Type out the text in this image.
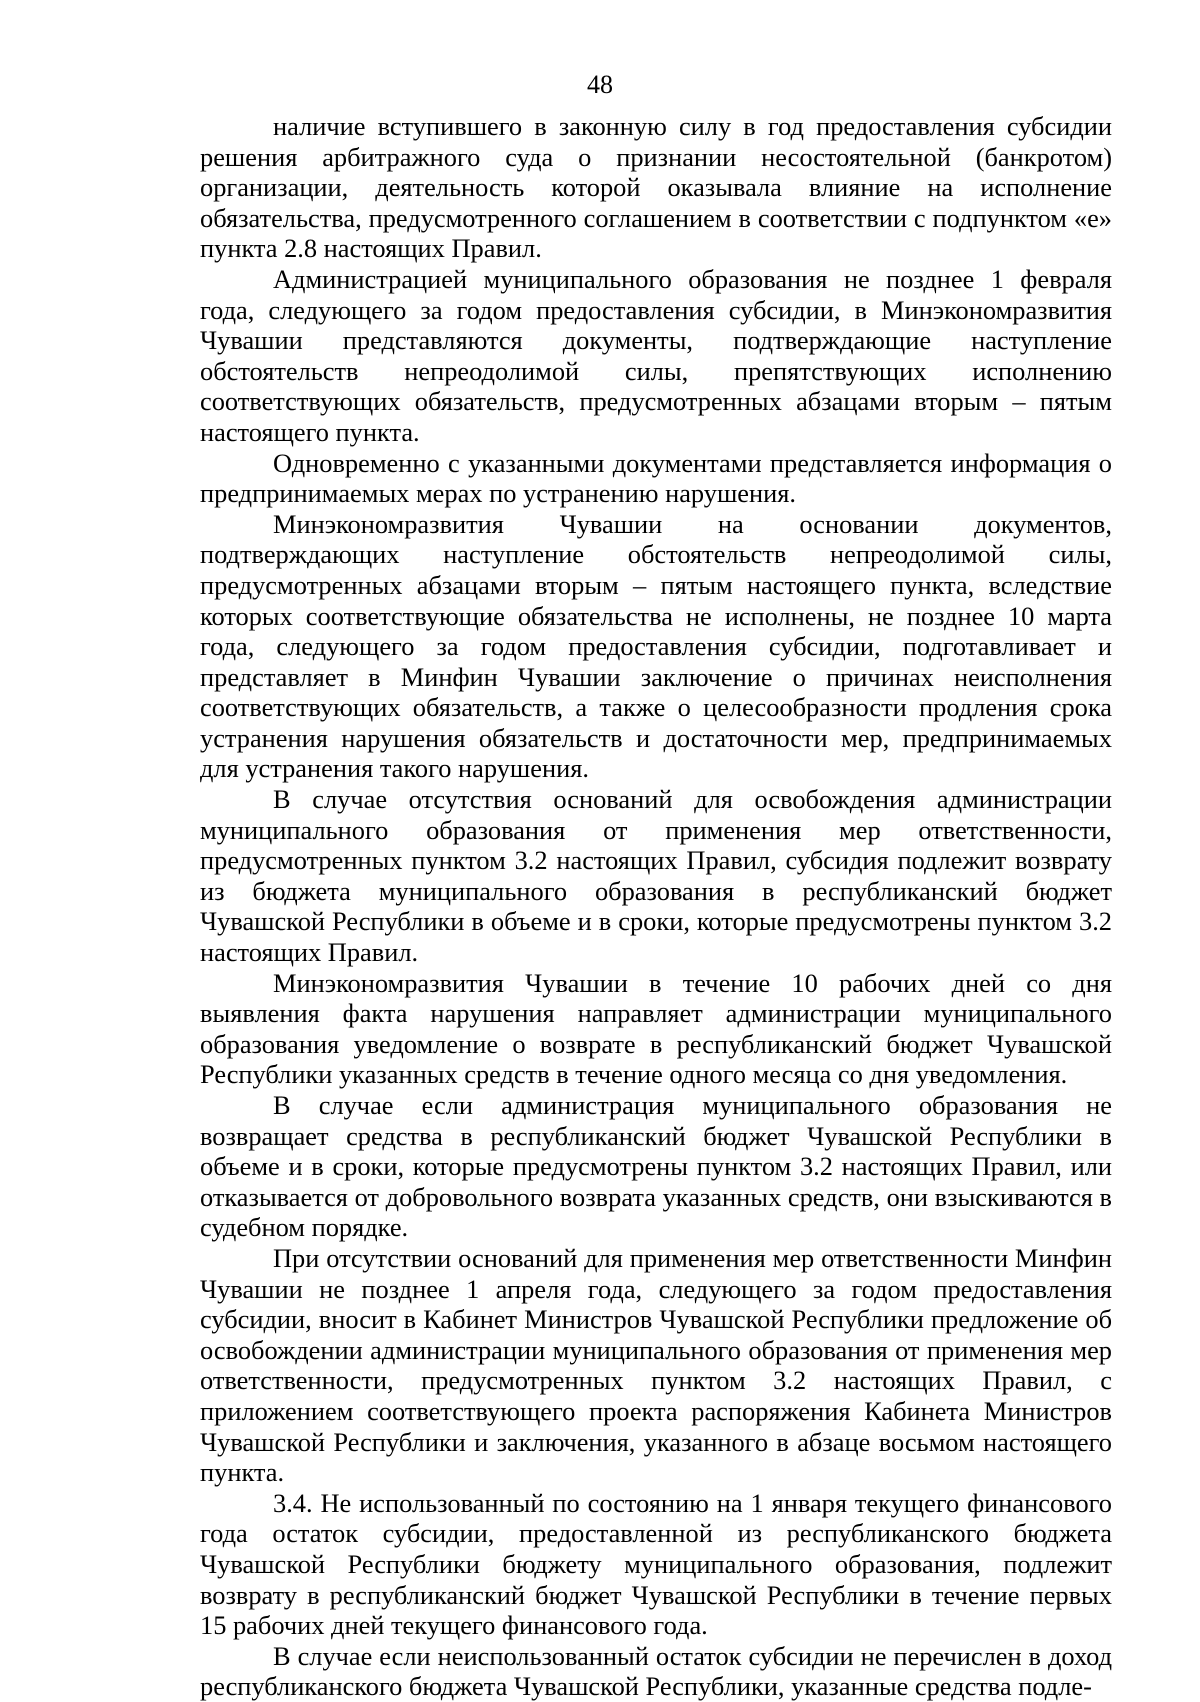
48

наличие вступившего в законную силу в год предоставления субсидии решения арбитражного суда о признании несостоятельной (банкротом) организации, деятельность которой оказывала влияние на исполнение обязательства, предусмотренного соглашением в соответствии с подпунктом «е» пункта 2.8 настоящих Правил.

Администрацией муниципального образования не позднее 1 февраля года, следующего за годом предоставления субсидии, в Минэкономразвития Чувашии представляются документы, подтверждающие наступление обстоятельств непреодолимой силы, препятствующих исполнению соответствующих обязательств, предусмотренных абзацами вторым – пятым настоящего пункта.

Одновременно с указанными документами представляется информация о предпринимаемых мерах по устранению нарушения.

Минэкономразвития Чувашии на основании документов, подтверждающих наступление обстоятельств непреодолимой силы, предусмотренных абзацами вторым – пятым настоящего пункта, вследствие которых соответствующие обязательства не исполнены, не позднее 10 марта года, следующего за годом предоставления субсидии, подготавливает и представляет в Минфин Чувашии заключение о причинах неисполнения соответствующих обязательств, а также о целесообразности продления срока устранения нарушения обязательств и достаточности мер, предпринимаемых для устранения такого нарушения.

В случае отсутствия оснований для освобождения администрации муниципального образования от применения мер ответственности, предусмотренных пунктом 3.2 настоящих Правил, субсидия подлежит возврату из бюджета муниципального образования в республиканский бюджет Чувашской Республики в объеме и в сроки, которые предусмотрены пунктом 3.2 настоящих Правил.

Минэкономразвития Чувашии в течение 10 рабочих дней со дня выявления факта нарушения направляет администрации муниципального образования уведомление о возврате в республиканский бюджет Чувашской Республики указанных средств в течение одного месяца со дня уведомления.

В случае если администрация муниципального образования не возвращает средства в республиканский бюджет Чувашской Республики в объеме и в сроки, которые предусмотрены пунктом 3.2 настоящих Правил, или отказывается от добровольного возврата указанных средств, они взыскиваются в судебном порядке.

При отсутствии оснований для применения мер ответственности Минфин Чувашии не позднее 1 апреля года, следующего за годом предоставления субсидии, вносит в Кабинет Министров Чувашской Республики предложение об освобождении администрации муниципального образования от применения мер ответственности, предусмотренных пунктом 3.2 настоящих Правил, с приложением соответствующего проекта распоряжения Кабинета Министров Чувашской Республики и заключения, указанного в абзаце восьмом настоящего пункта.

3.4. Не использованный по состоянию на 1 января текущего финансового года остаток субсидии, предоставленной из республиканского бюджета Чувашской Республики бюджету муниципального образования, подлежит возврату в республиканский бюджет Чувашской Республики в течение первых 15 рабочих дней текущего финансового года.

В случае если неиспользованный остаток субсидии не перечислен в доход республиканского бюджета Чувашской Республики, указанные средства подле-
